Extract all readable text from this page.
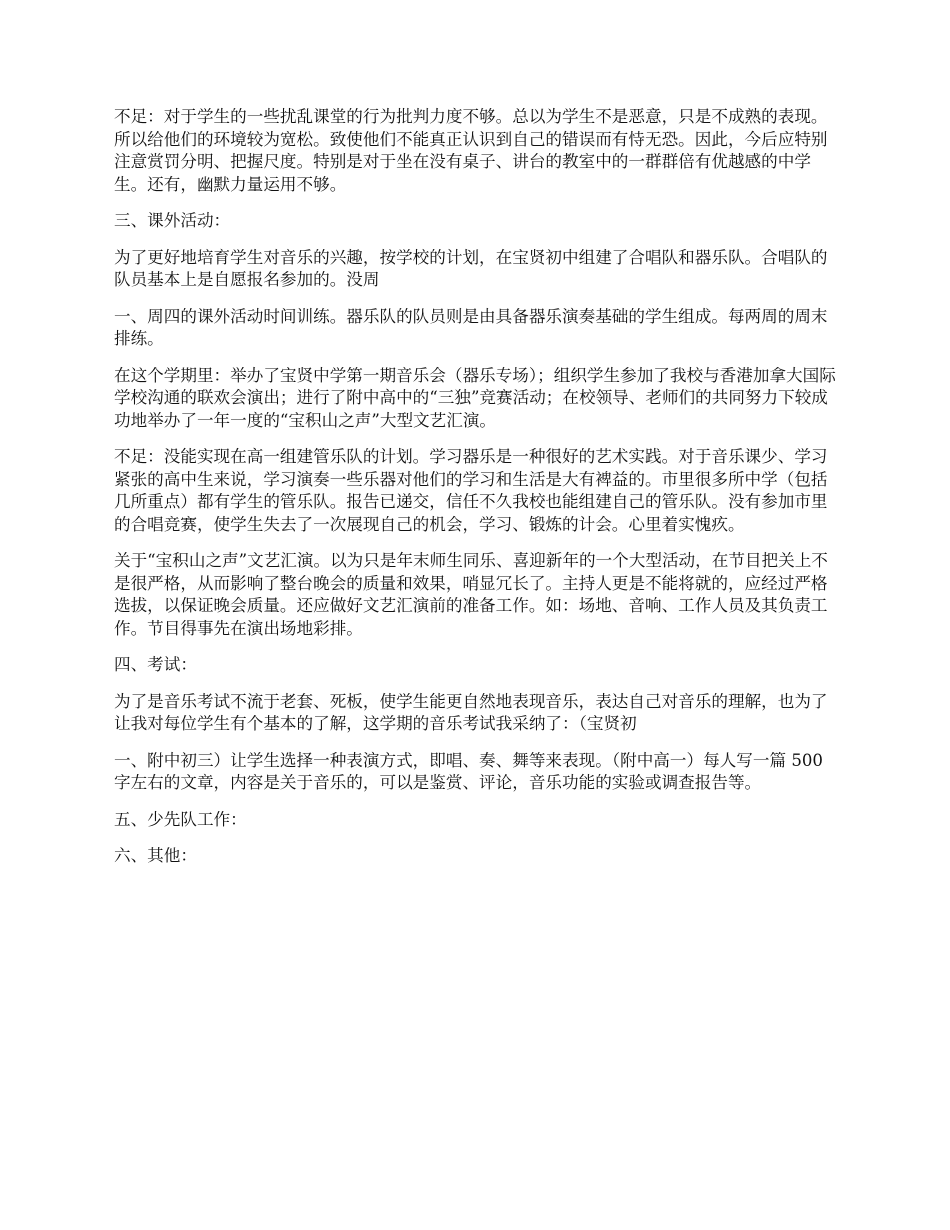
不足：对于学生的一些扰乱课堂的行为批判力度不够。总以为学生不是恶意，只是不成熟的表现。所以给他们的环境较为宽松。致使他们不能真正认识到自己的错误而有恃无恐。因此，今后应特别注意赏罚分明、把握尺度。特别是对于坐在没有桌子、讲台的教室中的一群群倍有优越感的中学生。还有，幽默力量运用不够。

三、课外活动：

为了更好地培育学生对音乐的兴趣，按学校的计划，在宝贤初中组建了合唱队和器乐队。合唱队的队员基本上是自愿报名参加的。没周

一、周四的课外活动时间训练。器乐队的队员则是由具备器乐演奏基础的学生组成。每两周的周末排练。

在这个学期里：举办了宝贤中学第一期音乐会（器乐专场）；组织学生参加了我校与香港加拿大国际学校沟通的联欢会演出；进行了附中高中的“三独”竞赛活动；在校领导、老师们的共同努力下较成功地举办了一年一度的“宝积山之声”大型文艺汇演。

不足：没能实现在高一组建管乐队的计划。学习器乐是一种很好的艺术实践。对于音乐课少、学习紧张的高中生来说，学习演奏一些乐器对他们的学习和生活是大有裨益的。市里很多所中学（包括几所重点）都有学生的管乐队。报告已递交，信任不久我校也能组建自己的管乐队。没有参加市里的合唱竞赛，使学生失去了一次展现自己的机会，学习、锻炼的计会。心里着实愧疚。

关于“宝积山之声”文艺汇演。以为只是年末师生同乐、喜迎新年的一个大型活动，在节目把关上不是很严格，从而影响了整台晚会的质量和效果，哨显冗长了。主持人更是不能将就的，应经过严格选拔，以保证晚会质量。还应做好文艺汇演前的准备工作。如：场地、音响、工作人员及其负责工作。节目得事先在演出场地彩排。

四、考试：

为了是音乐考试不流于老套、死板，使学生能更自然地表现音乐，表达自己对音乐的理解，也为了让我对每位学生有个基本的了解，这学期的音乐考试我采纳了：（宝贤初

一、附中初三）让学生选择一种表演方式，即唱、奏、舞等来表现。（附中高一）每人写一篇 500 字左右的文章，内容是关于音乐的，可以是鉴赏、评论，音乐功能的实验或调查报告等。

五、少先队工作：

六、其他：
